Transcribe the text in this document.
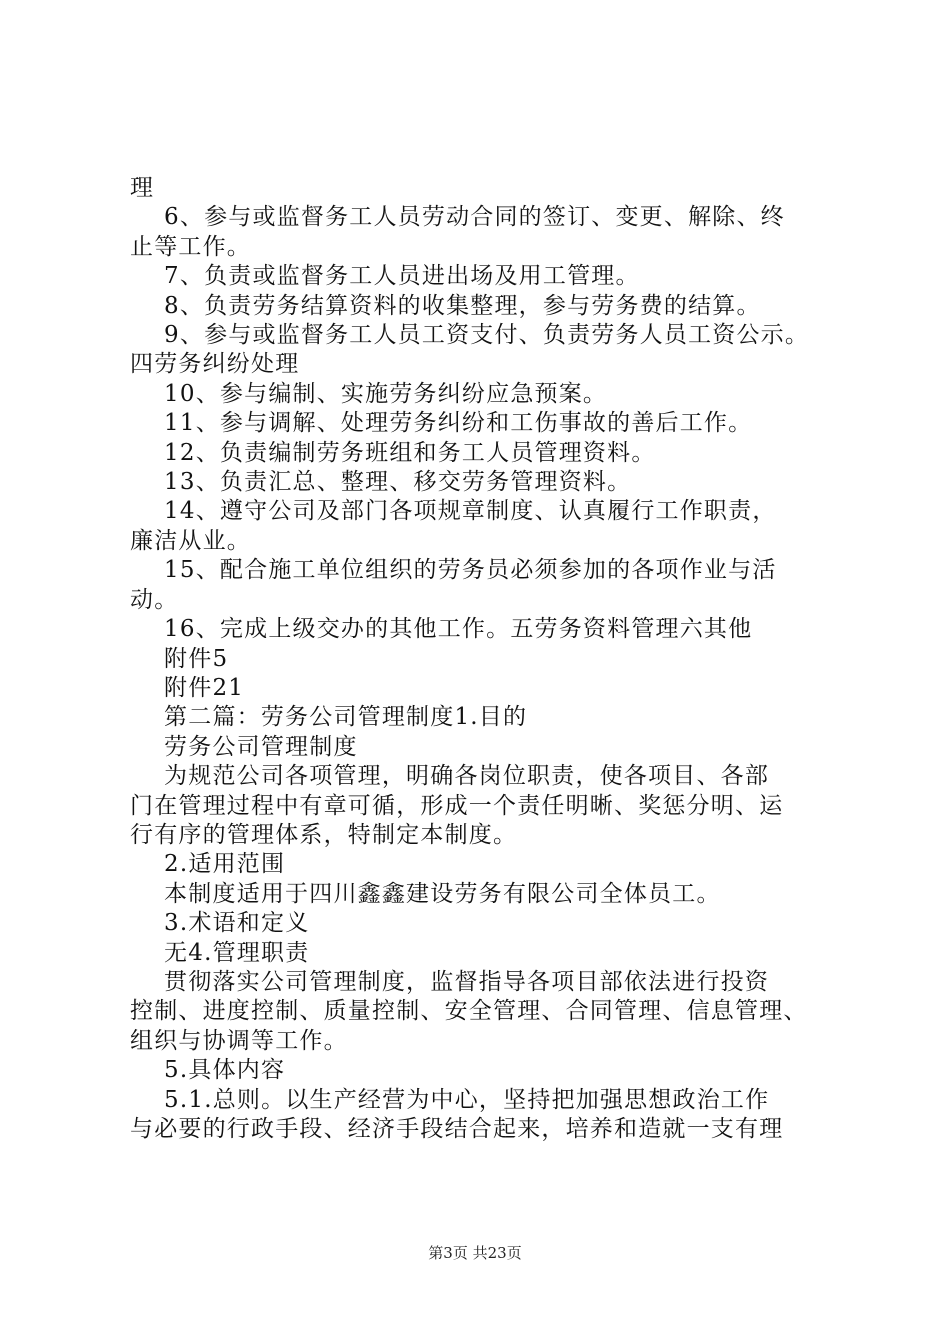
理

6、参与或监督务工人员劳动合同的签订、变更、解除、终

止等工作。

7、负责或监督务工人员进出场及用工管理。

8、负责劳务结算资料的收集整理，参与劳务费的结算。

9、参与或监督务工人员工资支付、负责劳务人员工资公示。

四劳务纠纷处理

10、参与编制、实施劳务纠纷应急预案。

11、参与调解、处理劳务纠纷和工伤事故的善后工作。

12、负责编制劳务班组和务工人员管理资料。

13、负责汇总、整理、移交劳务管理资料。

14、遵守公司及部门各项规章制度、认真履行工作职责，

廉洁从业。

15、配合施工单位组织的劳务员必须参加的各项作业与活

动。

16、完成上级交办的其他工作。五劳务资料管理六其他

附件5

附件21

第二篇：劳务公司管理制度1.目的

劳务公司管理制度

为规范公司各项管理，明确各岗位职责，使各项目、各部

门在管理过程中有章可循，形成一个责任明晰、奖惩分明、运

行有序的管理体系，特制定本制度。

2.适用范围

本制度适用于四川鑫鑫建设劳务有限公司全体员工。

3.术语和定义

无4.管理职责

贯彻落实公司管理制度，监督指导各项目部依法进行投资

控制、进度控制、质量控制、安全管理、合同管理、信息管理、

组织与协调等工作。

5.具体内容

5.1.总则。以生产经营为中心，坚持把加强思想政治工作

与必要的行政手段、经济手段结合起来，培养和造就一支有理

第3页 共23页
